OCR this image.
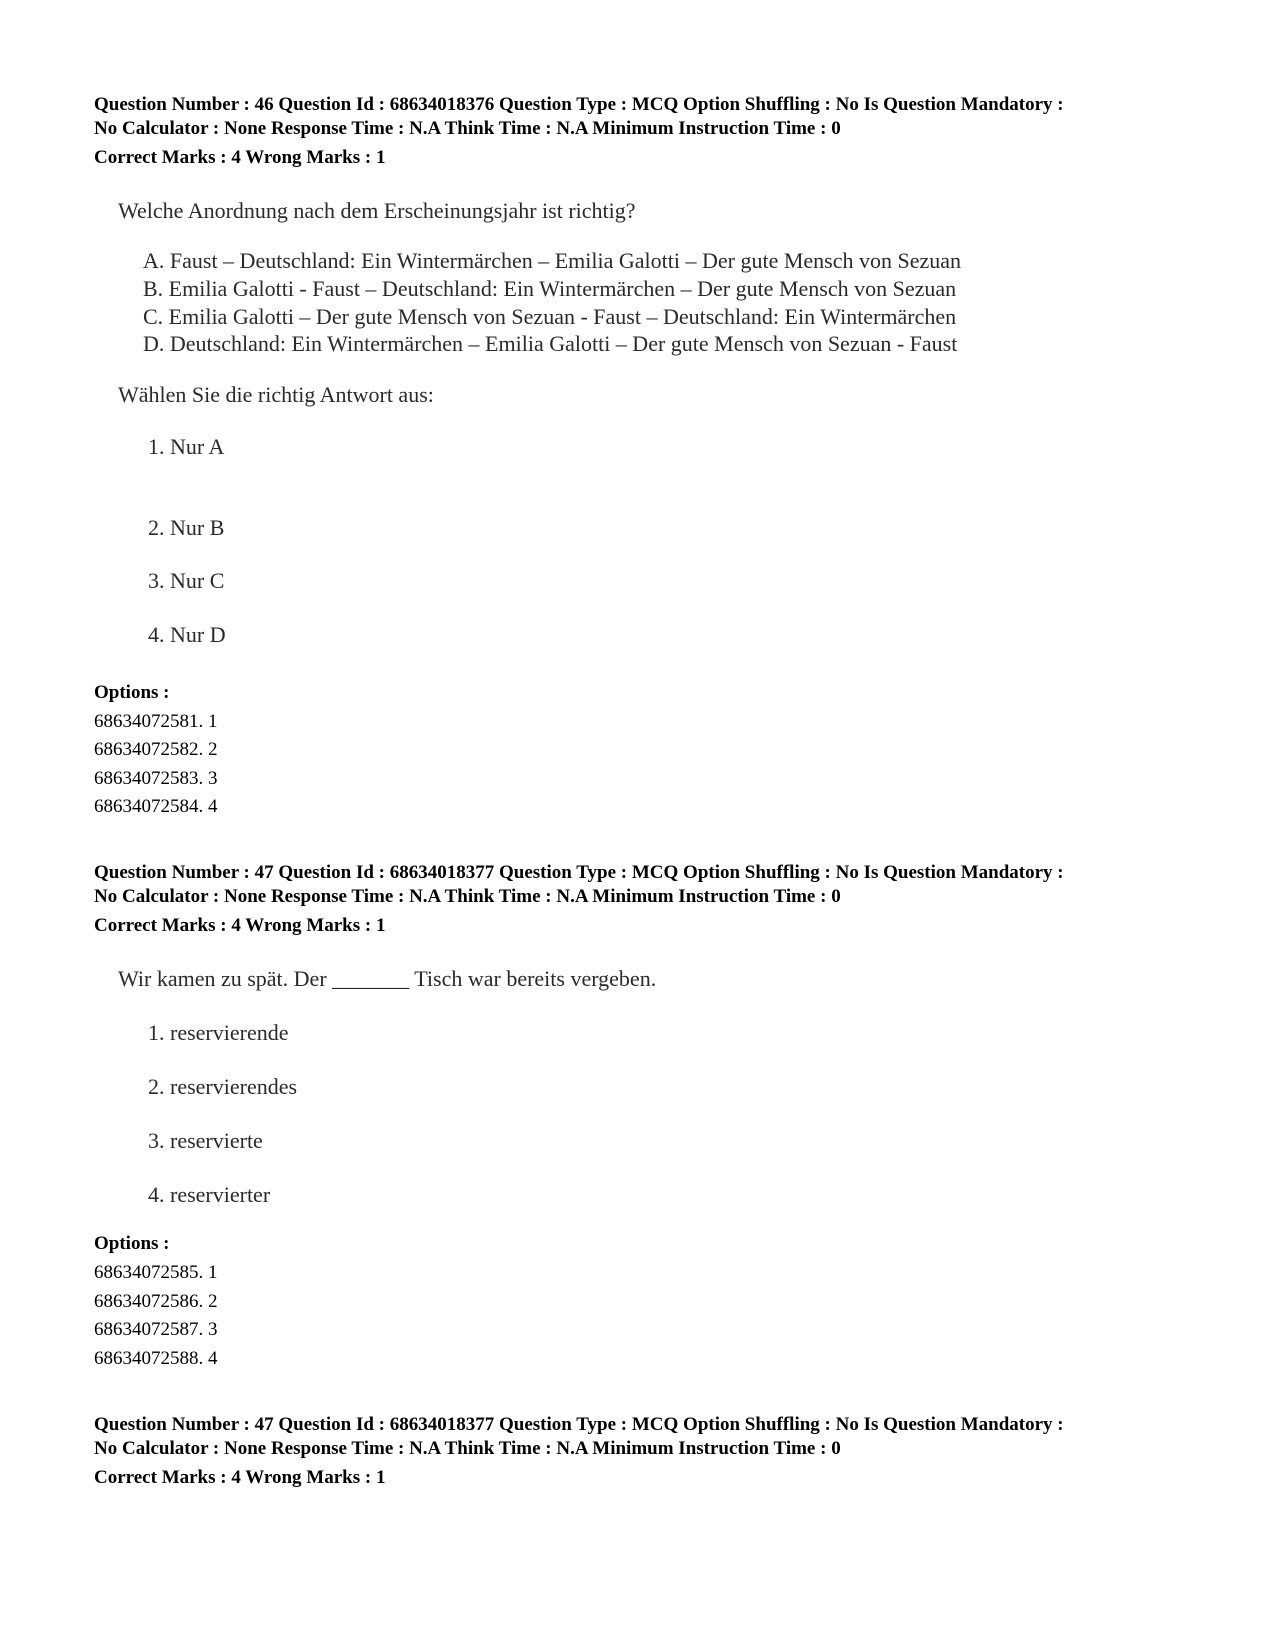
Question Number : 46 Question Id : 68634018376 Question Type : MCQ Option Shuffling : No Is Question Mandatory :
No Calculator : None Response Time : N.A Think Time : N.A Minimum Instruction Time : 0
Correct Marks : 4 Wrong Marks : 1
Welche Anordnung nach dem Erscheinungsjahr ist richtig?
A. Faust – Deutschland: Ein Wintermärchen – Emilia Galotti – Der gute Mensch von Sezuan
B. Emilia Galotti - Faust – Deutschland: Ein Wintermärchen – Der gute Mensch von Sezuan
C. Emilia Galotti – Der gute Mensch von Sezuan - Faust – Deutschland: Ein Wintermärchen
D. Deutschland: Ein Wintermärchen – Emilia Galotti – Der gute Mensch von Sezuan - Faust
Wählen Sie die richtig Antwort aus:
1. Nur A
2. Nur B
3. Nur C
4. Nur D
Options :
68634072581. 1
68634072582. 2
68634072583. 3
68634072584. 4
Question Number : 47 Question Id : 68634018377 Question Type : MCQ Option Shuffling : No Is Question Mandatory :
No Calculator : None Response Time : N.A Think Time : N.A Minimum Instruction Time : 0
Correct Marks : 4 Wrong Marks : 1
Wir kamen zu spät. Der _______ Tisch war bereits vergeben.
1. reservierende
2. reservierendes
3. reservierte
4. reservierter
Options :
68634072585. 1
68634072586. 2
68634072587. 3
68634072588. 4
Question Number : 47 Question Id : 68634018377 Question Type : MCQ Option Shuffling : No Is Question Mandatory :
No Calculator : None Response Time : N.A Think Time : N.A Minimum Instruction Time : 0
Correct Marks : 4 Wrong Marks : 1
